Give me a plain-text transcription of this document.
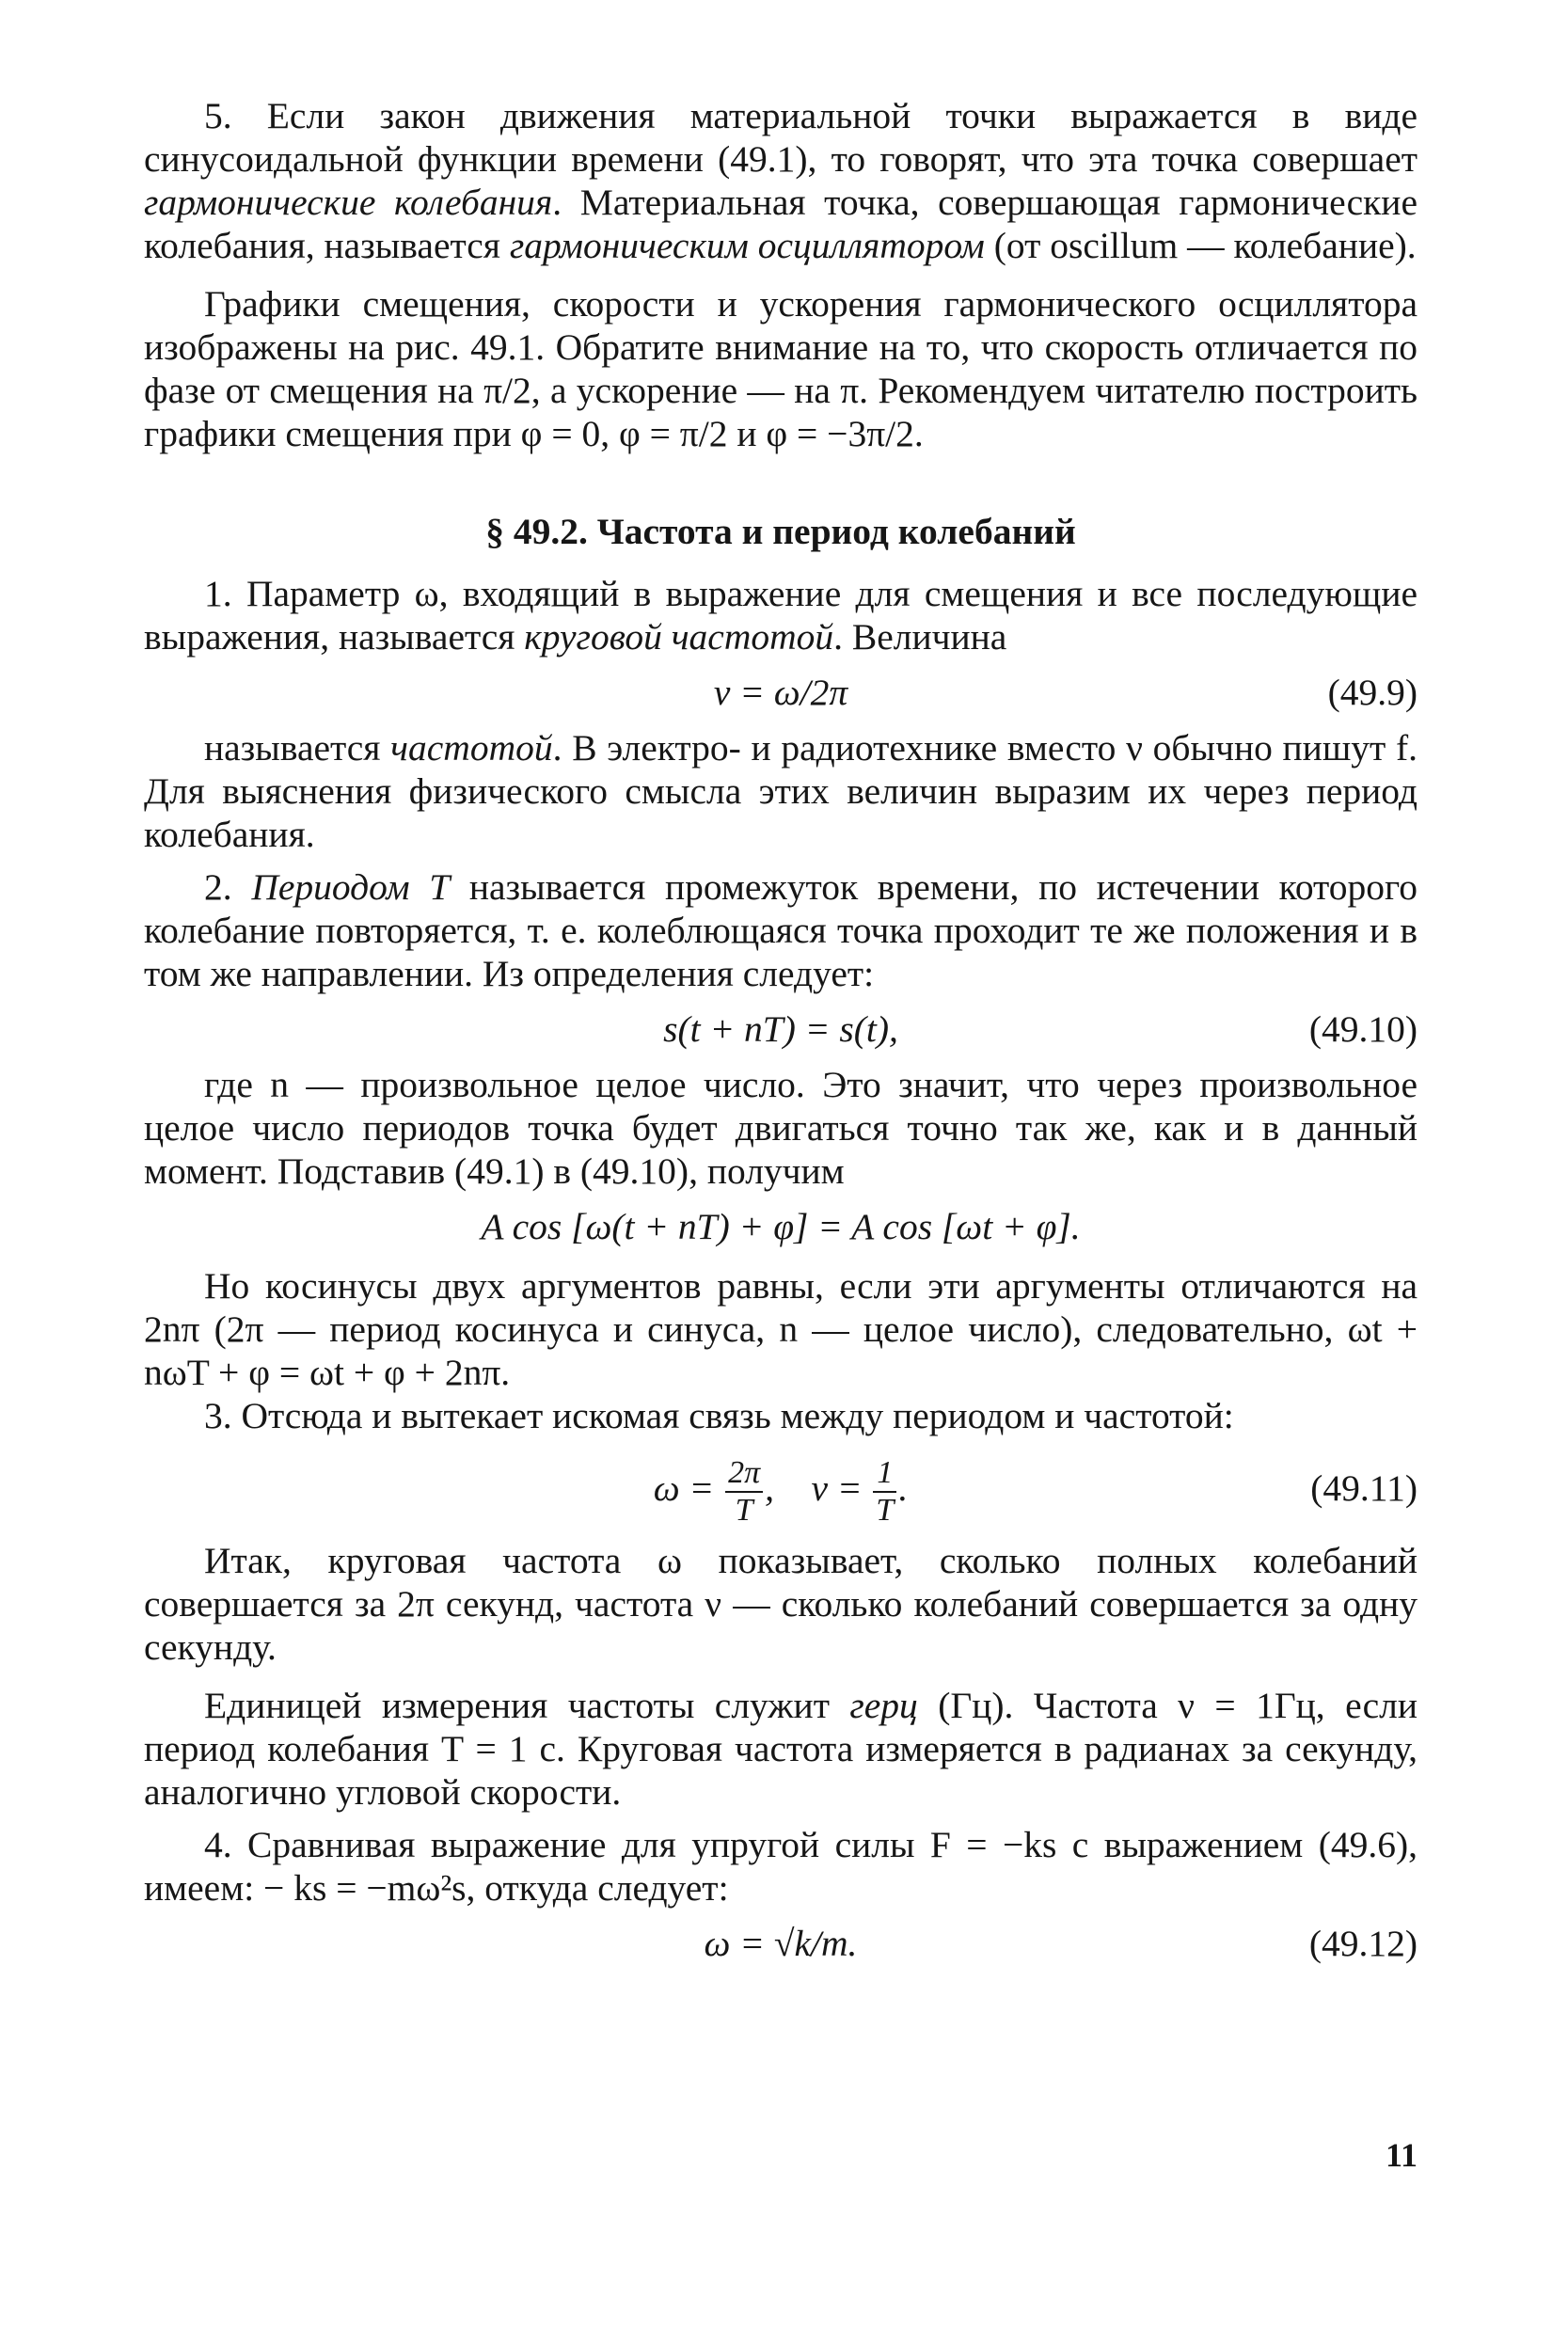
5. Если закон движения материальной точки выражается в виде синусоидальной функции времени (49.1), то говорят, что эта точка совершает гармонические колебания. Материальная точка, совершающая гармонические колебания, называется гармоническим осциллятором (от oscillum — колебание).

Графики смещения, скорости и ускорения гармонического осциллятора изображены на рис. 49.1. Обратите внимание на то, что скорость отличается по фазе от смещения на π/2, а ускорение — на π. Рекомендуем читателю построить графики смещения при φ = 0, φ = π/2 и φ = −3π/2.

§ 49.2. Частота и период колебаний

1. Параметр ω, входящий в выражение для смещения и все последующие выражения, называется круговой частотой. Величина

ν = ω/2π	(49.9)

называется частотой. В электро- и радиотехнике вместо ν обычно пишут f. Для выяснения физического смысла этих величин выразим их через период колебания.

2. Периодом T называется промежуток времени, по истечении которого колебание повторяется, т. е. колеблющаяся точка проходит те же положения и в том же направлении. Из определения следует:

s(t + nT) = s(t),	(49.10)

где n — произвольное целое число. Это значит, что через произвольное целое число периодов точка будет двигаться точно так же, как и в данный момент. Подставив (49.1) в (49.10), получим

A cos [ω(t + nT) + φ] = A cos [ωt + φ].

Но косинусы двух аргументов равны, если эти аргументы отличаются на 2nπ (2π — период косинуса и синуса, n — целое число), следовательно, ωt + nωT + φ = ωt + φ + 2nπ.

3. Отсюда и вытекает искомая связь между периодом и частотой:

$\omega = \frac{2\pi}{T}$ , $\nu = \frac{1}{T}$ .	(49.11)

Итак, круговая частота ω показывает, сколько полных колебаний совершается за 2π секунд, частота ν — сколько колебаний совершается за одну секунду.

Единицей измерения частоты служит герц (Гц). Частота ν = 1Гц, если период колебания T = 1 с. Круговая частота измеряется в радианах за секунду, аналогично угловой скорости.

4. Сравнивая выражение для упругой силы F = −ks с выражением (49.6), имеем: − ks = −mω²s, откуда следует:

ω = √k/m.	(49.12)
11
